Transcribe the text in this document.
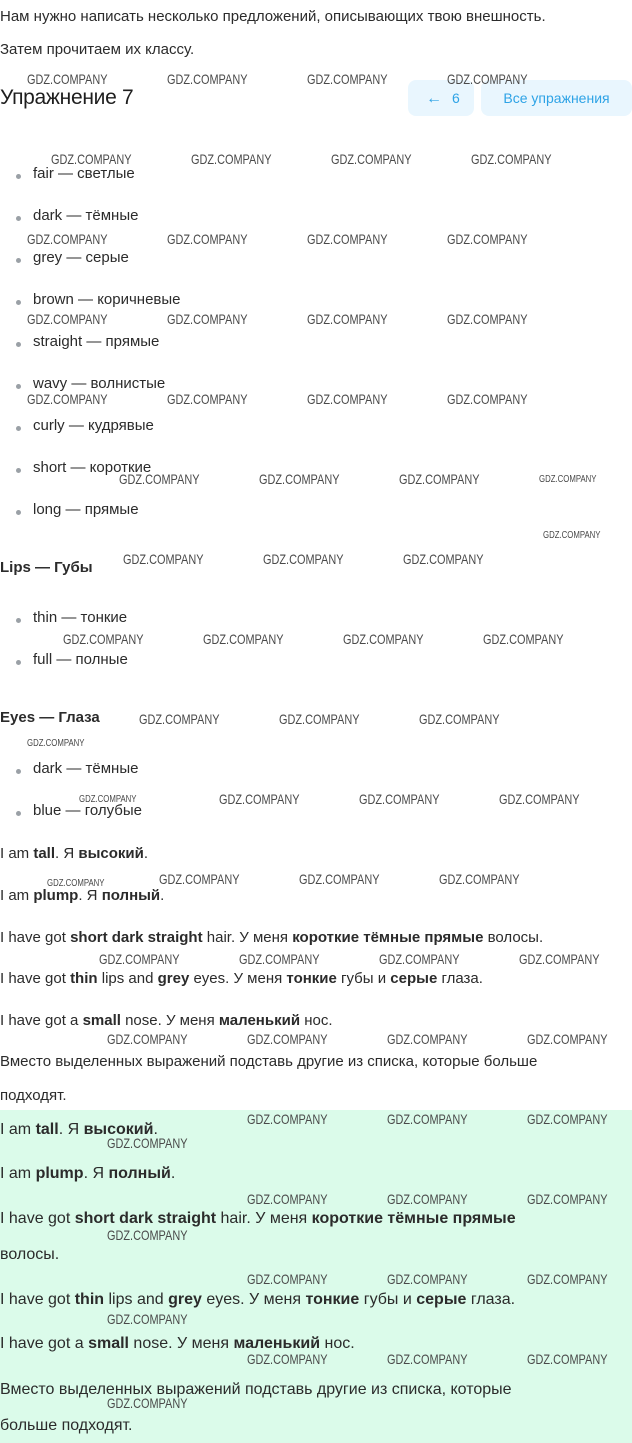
Нам нужно написать несколько предложений, описывающих твою внешность.
Затем прочитаем их классу.
Упражнение 7	← 6	Все упражнения
fair — светлые
dark — тёмные
grey — серые
brown — коричневые
straight — прямые
wavy — волнистые
curly — кудрявые
short — короткие
long — прямые
Lips — Губы
thin — тонкие
full — полные
Eyes — Глаза
dark — тёмные
blue — голубые
I am tall. Я высокий.
I am plump. Я полный.
I have got short dark straight hair. У меня короткие тёмные прямые волосы.
I have got thin lips and grey eyes. У меня тонкие губы и серые глаза.
I have got a small nose. У меня маленький нос.
Вместо выделенных выражений подставь другие из списка, которые больше
подходят.
I am tall. Я высокий.
I am plump. Я полный.
I have got short dark straight hair. У меня короткие тёмные прямые
волосы.
I have got thin lips and grey eyes. У меня тонкие губы и серые глаза.
I have got a small nose. У меня маленький нос.
Вместо выделенных выражений подставь другие из списка, которые
больше подходят.
GDZ.COMPANY	GDZ.COMPANY	GDZ.COMPANY	GDZ.COMPANY
GDZ.COMPANY	GDZ.COMPANY	GDZ.COMPANY	GDZ.COMPANY
GDZ.COMPANY	GDZ.COMPANY	GDZ.COMPANY	GDZ.COMPANY
GDZ.COMPANY	GDZ.COMPANY	GDZ.COMPANY	GDZ.COMPANY
GDZ.COMPANY	GDZ.COMPANY	GDZ.COMPANY	GDZ.COMPANY
GDZ.COMPANY	GDZ.COMPANY	GDZ.COMPANY	GDZ.COMPANY
GDZ.COMPANY
GDZ.COMPANY	GDZ.COMPANY	GDZ.COMPANY
GDZ.COMPANY	GDZ.COMPANY	GDZ.COMPANY	GDZ.COMPANY
GDZ.COMPANY	GDZ.COMPANY	GDZ.COMPANY
GDZ.COMPANY
GDZ.COMPANY	GDZ.COMPANY	GDZ.COMPANY	GDZ.COMPANY
GDZ.COMPANY	GDZ.COMPANY	GDZ.COMPANY	GDZ.COMPANY
GDZ.COMPANY	GDZ.COMPANY	GDZ.COMPANY	GDZ.COMPANY
GDZ.COMPANY	GDZ.COMPANY	GDZ.COMPANY	GDZ.COMPANY
GDZ.COMPANY	GDZ.COMPANY	GDZ.COMPANY
GDZ.COMPANY
GDZ.COMPANY	GDZ.COMPANY	GDZ.COMPANY
GDZ.COMPANY
GDZ.COMPANY	GDZ.COMPANY	GDZ.COMPANY
GDZ.COMPANY
GDZ.COMPANY	GDZ.COMPANY	GDZ.COMPANY
GDZ.COMPANY
